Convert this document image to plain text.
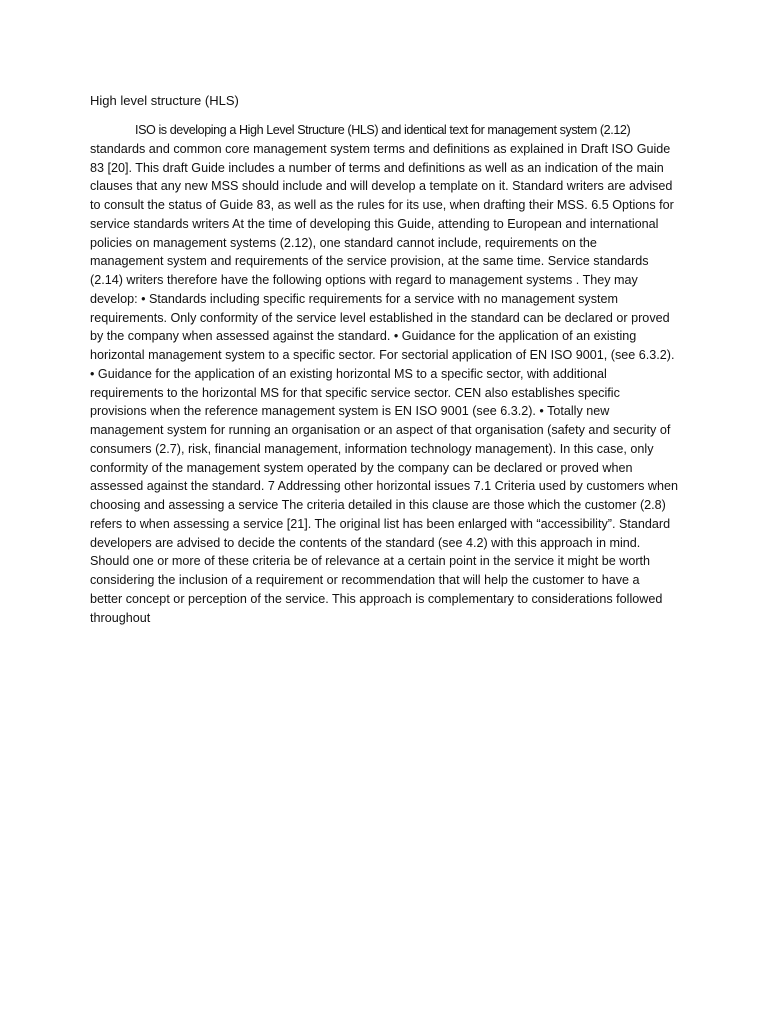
High level structure (HLS)
ISO is developing a High Level Structure (HLS) and identical text for management system (2.12)
standards and common core management system terms and definitions as explained in Draft ISO Guide
83 [20]. This draft Guide includes a number of terms and definitions as well as an indication of the main
clauses that any new MSS should include and will develop a template on it. Standard writers are advised
to consult the status of Guide 83, as well as the rules for its use, when drafting their MSS. 6.5 Options for
service standards writers At the time of developing this Guide, attending to European and international
policies on management systems (2.12), one standard cannot include, requirements on the
management system and requirements of the service provision, at the same time. Service standards
(2.14) writers therefore have the following options with regard to management systems . They may
develop: • Standards including specific requirements for a service with no management system
requirements. Only conformity of the service level established in the standard can be declared or proved
by the company when assessed against the standard. • Guidance for the application of an existing
horizontal management system to a specific sector. For sectorial application of EN ISO 9001, (see 6.3.2).
• Guidance for the application of an existing horizontal MS to a specific sector, with additional
requirements to the horizontal MS for that specific service sector. CEN also establishes specific
provisions when the reference management system is EN ISO 9001 (see 6.3.2). • Totally new
management system for running an organisation or an aspect of that organisation (safety and security of
consumers (2.7), risk, financial management, information technology management). In this case, only
conformity of the management system operated by the company can be declared or proved when
assessed against the standard. 7 Addressing other horizontal issues 7.1 Criteria used by customers when
choosing and assessing a service The criteria detailed in this clause are those which the customer (2.8)
refers to when assessing a service [21]. The original list has been enlarged with “accessibility”. Standard
developers are advised to decide the contents of the standard (see 4.2) with this approach in mind.
Should one or more of these criteria be of relevance at a certain point in the service it might be worth
considering the inclusion of a requirement or recommendation that will help the customer to have a
better concept or perception of the service. This approach is complementary to considerations followed
throughout
